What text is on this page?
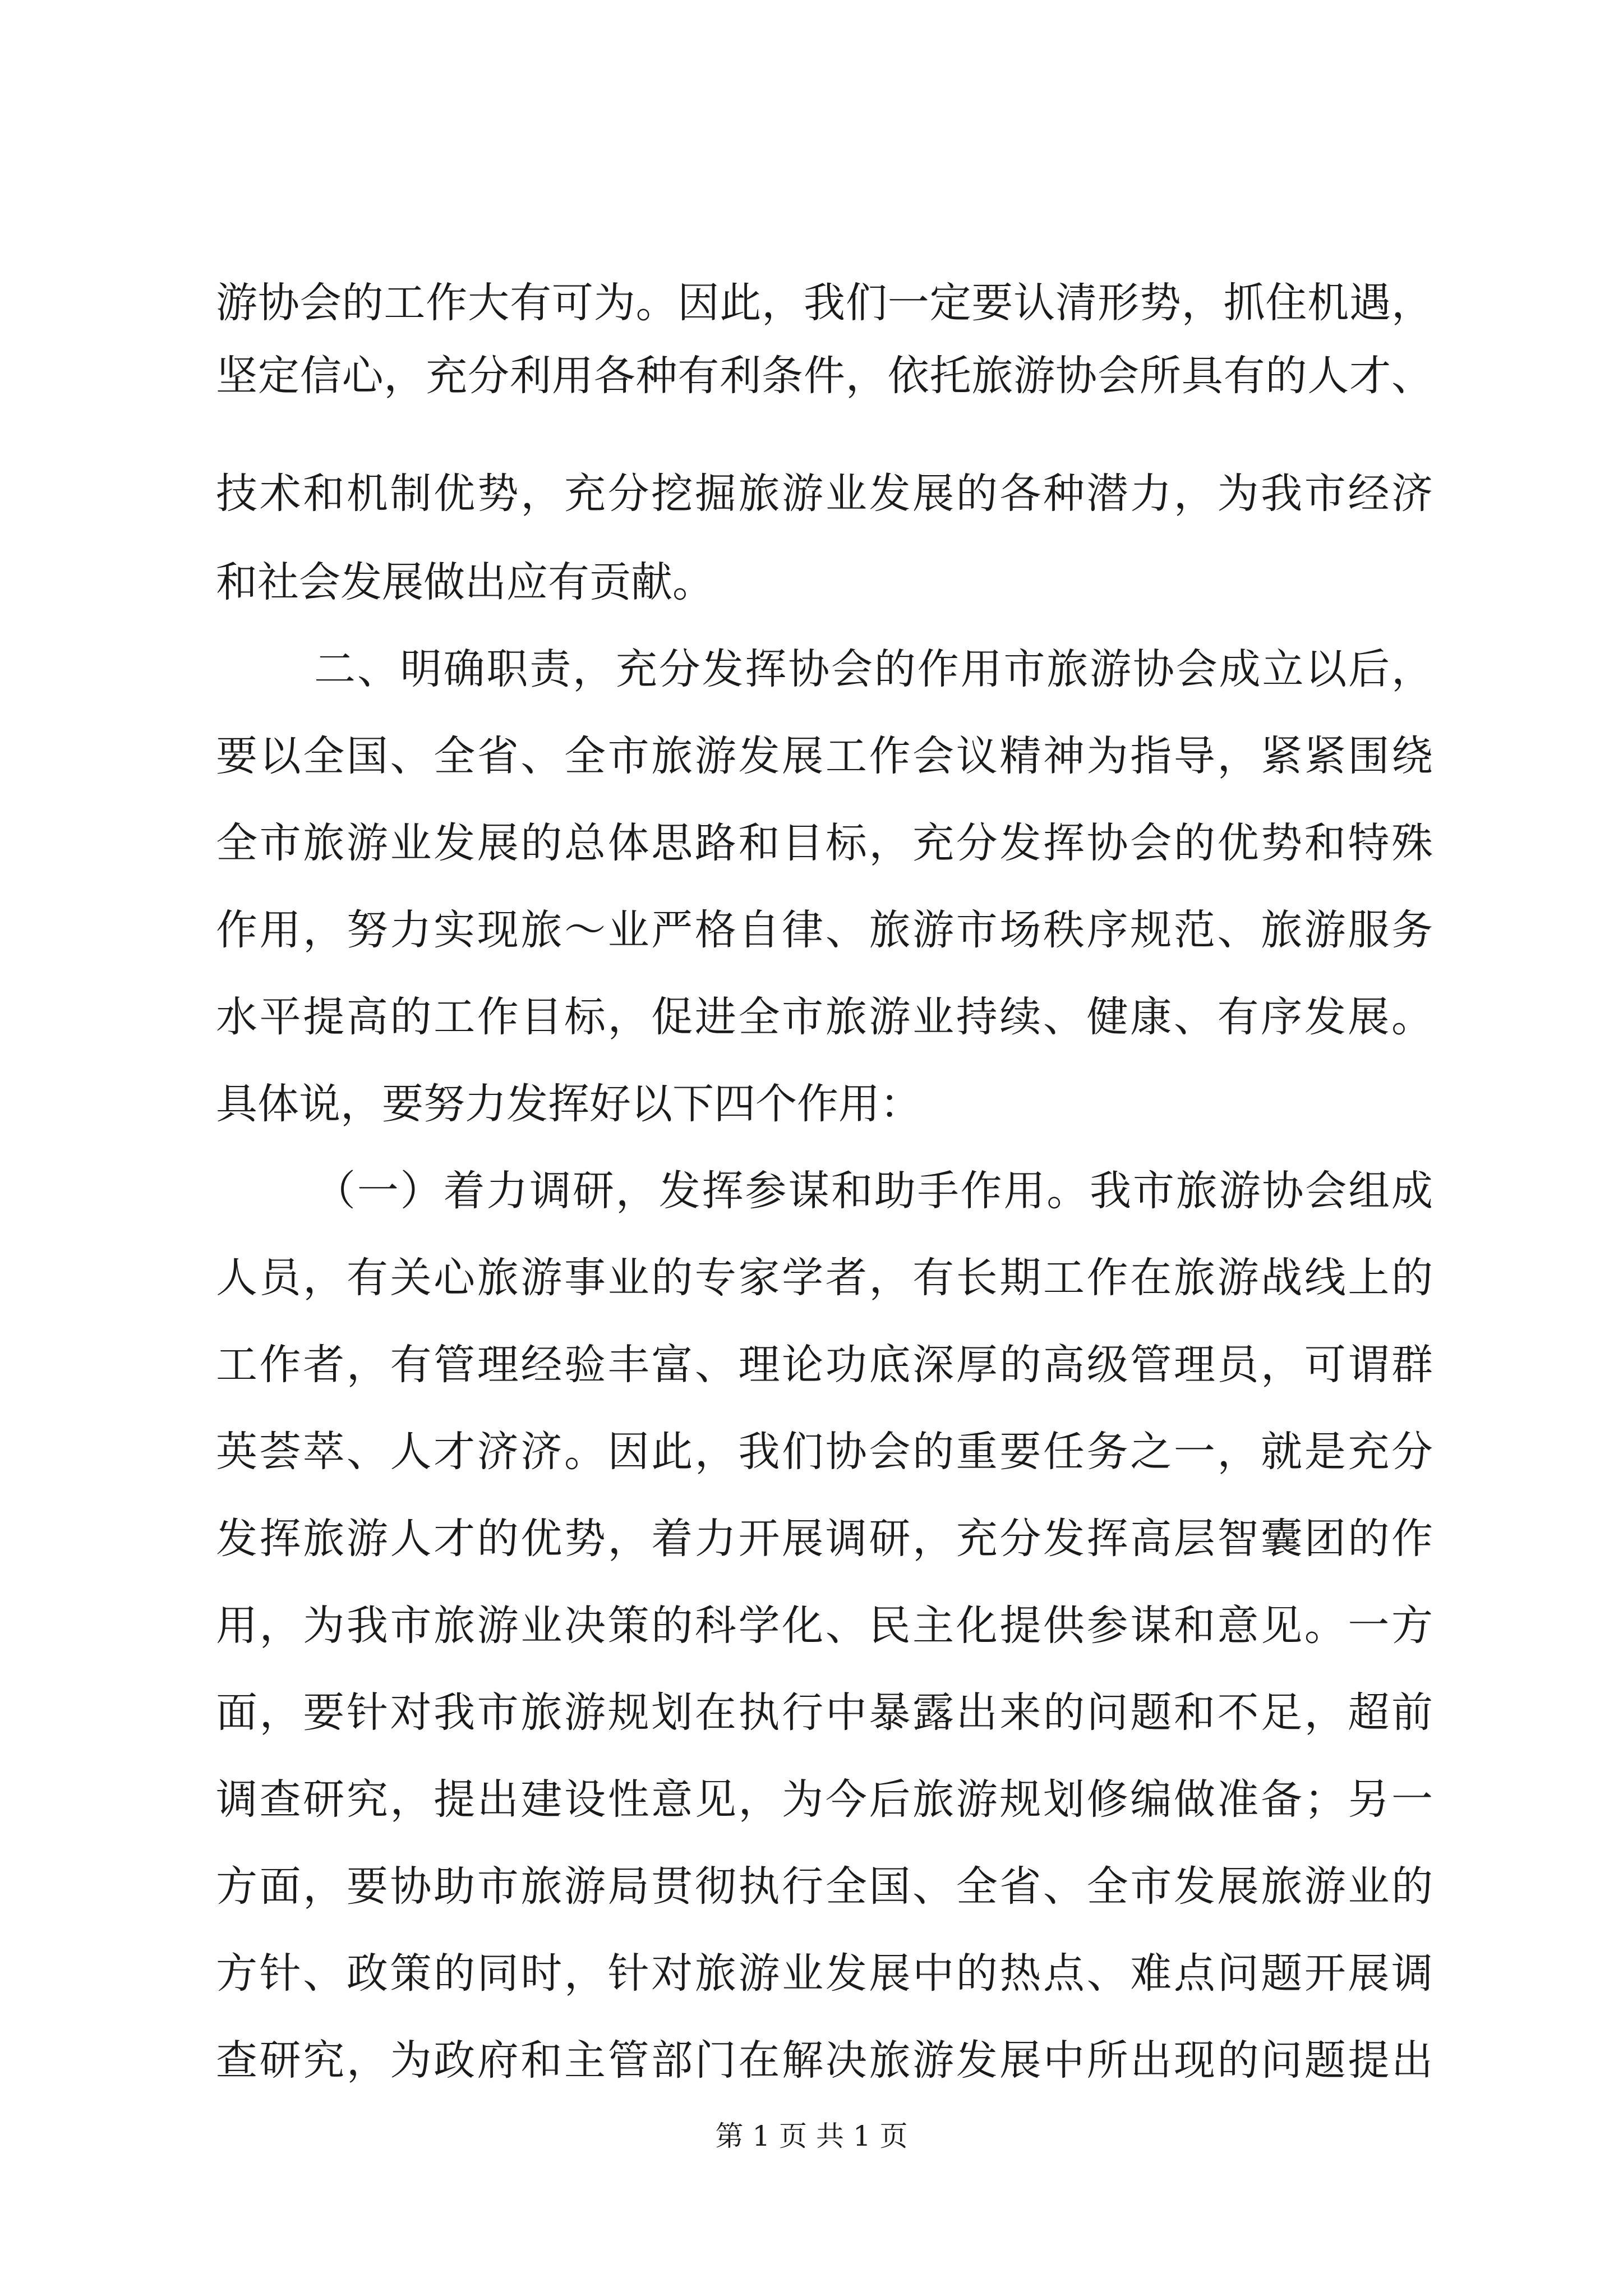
游协会的工作大有可为。因此，我们一定要认清形势，抓住机遇，
坚定信心，充分利用各种有利条件，依托旅游协会所具有的人才、
技术和机制优势，充分挖掘旅游业发展的各种潜力，为我市经济
和社会发展做出应有贡献。
二、明确职责，充分发挥协会的作用市旅游协会成立以后，
要以全国、全省、全市旅游发展工作会议精神为指导，紧紧围绕
全市旅游业发展的总体思路和目标，充分发挥协会的优势和特殊
作用，努力实现旅～业严格自律、旅游市场秩序规范、旅游服务
水平提高的工作目标，促进全市旅游业持续、健康、有序发展。
具体说，要努力发挥好以下四个作用：
（一）着力调研，发挥参谋和助手作用。我市旅游协会组成
人员，有关心旅游事业的专家学者，有长期工作在旅游战线上的
工作者，有管理经验丰富、理论功底深厚的高级管理员，可谓群
英荟萃、人才济济。因此，我们协会的重要任务之一，就是充分
发挥旅游人才的优势，着力开展调研，充分发挥高层智囊团的作
用，为我市旅游业决策的科学化、民主化提供参谋和意见。一方
面，要针对我市旅游规划在执行中暴露出来的问题和不足，超前
调查研究，提出建设性意见，为今后旅游规划修编做准备；另一
方面，要协助市旅游局贯彻执行全国、全省、全市发展旅游业的
方针、政策的同时，针对旅游业发展中的热点、难点问题开展调
查研究，为政府和主管部门在解决旅游发展中所出现的问题提出
第 1 页 共 1 页
